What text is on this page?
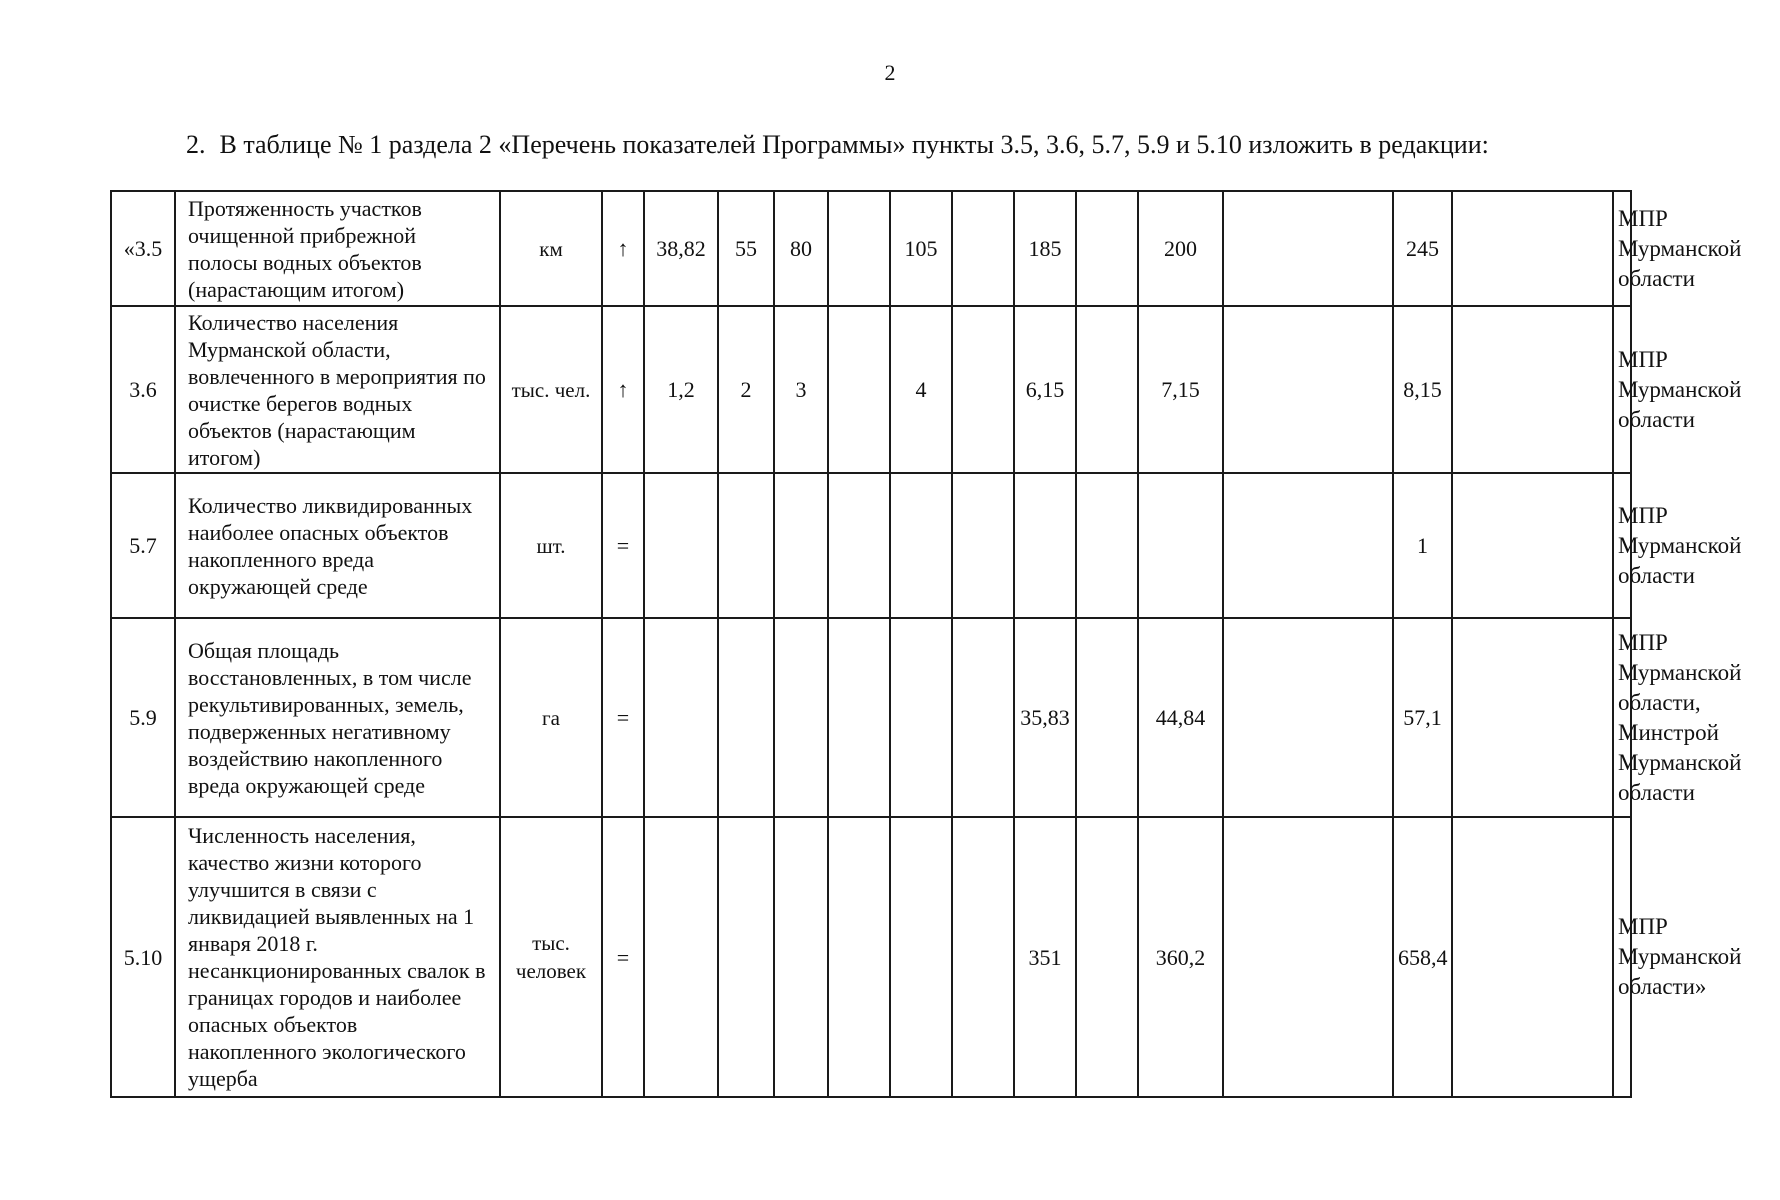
2
2. В таблице № 1 раздела 2 «Перечень показателей Программы» пункты 3.5, 3.6, 5.7, 5.9 и 5.10 изложить в редакции:
«3.5	Протяженность участков очищенной прибрежной полосы водных объектов (нарастающим итогом)	км	↑	38,82	55	80		105		185		200		245		МПР Мурманской области
3.6	Количество населения Мурманской области, вовлеченного в мероприятия по очистке берегов водных объектов (нарастающим итогом)	тыс. чел.	↑	1,2	2	3		4		6,15		7,15		8,15		МПР Мурманской области
5.7	Количество ликвидированных наиболее опасных объектов накопленного вреда окружающей среде	шт.	=											1		МПР Мурманской области
5.9	Общая площадь восстановленных, в том числе рекультивированных, земель, подверженных негативному воздействию накопленного вреда окружающей среде	га	=							35,83		44,84		57,1		МПР Мурманской области, Минстрой Мурманской области
5.10	Численность населения, качество жизни которого улучшится в связи с ликвидацией выявленных на 1 января 2018 г. несанкционированных свалок в границах городов и наиболее опасных объектов накопленного экологического ущерба	тыс. человек	=							351		360,2		658,4		МПР Мурманской области»
